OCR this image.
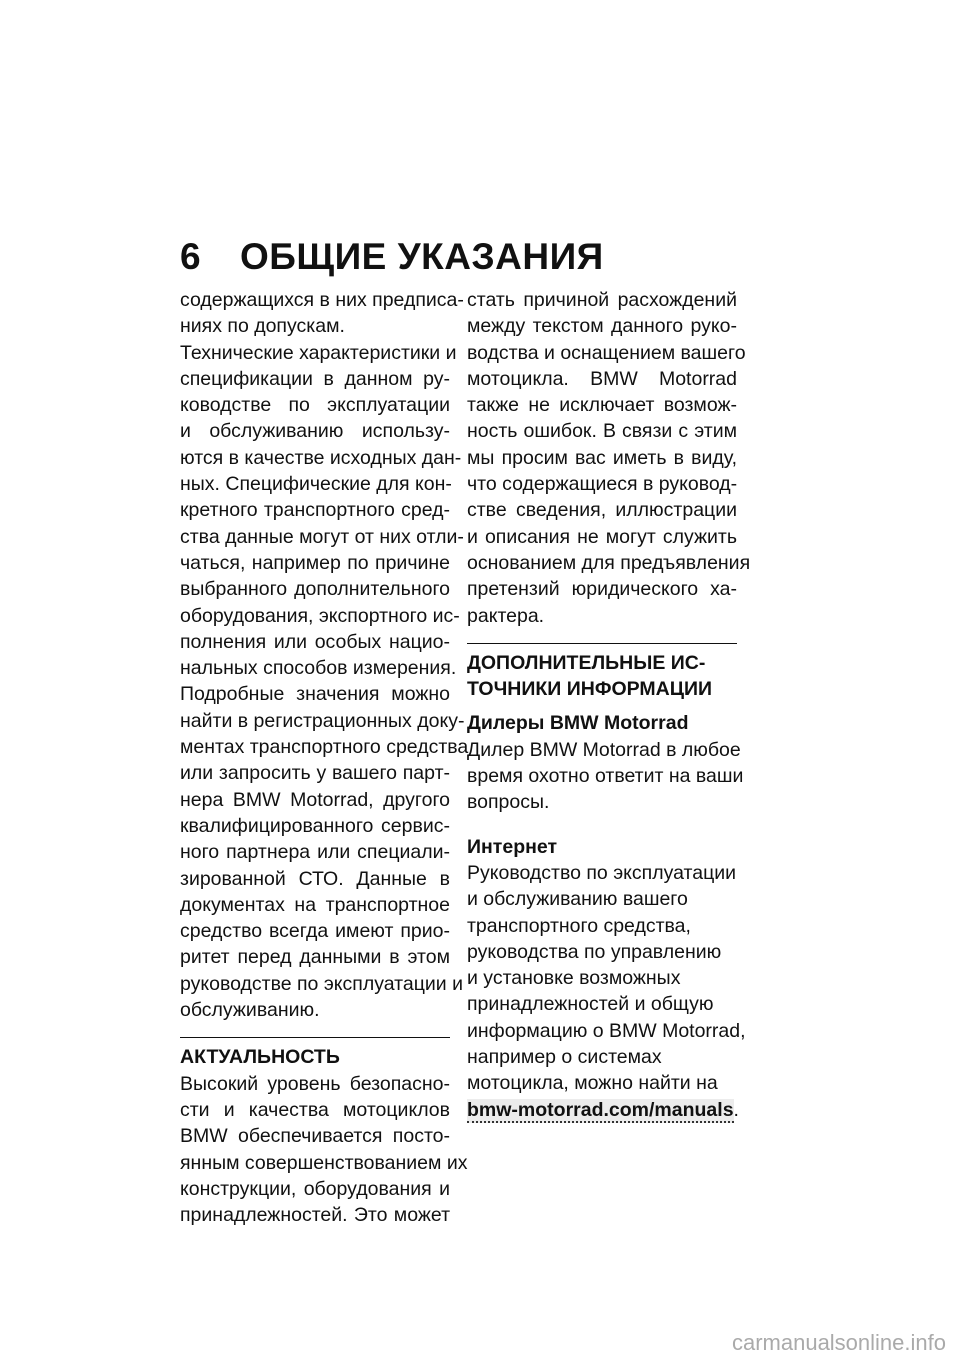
6 ОБЩИЕ УКАЗАНИЯ
содержащихся в них предписа-
ниях по допускам.
Технические характеристики и
спецификации в данном ру-
ководстве по эксплуатации
и обслуживанию использу-
ются в качестве исходных дан-
ных. Специфические для кон-
кретного транспортного сред-
ства данные могут от них отли-
чаться, например по причине
выбранного дополнительного
оборудования, экспортного ис-
полнения или особых нацио-
нальных способов измерения.
Подробные значения можно
найти в регистрационных доку-
ментах транспортного средства
или запросить у вашего парт-
нера BMW Motorrad, другого
квалифицированного сервис-
ного партнера или специали-
зированной СТО. Данные в
документах на транспортное
средство всегда имеют прио-
ритет перед данными в этом
руководстве по эксплуатации и
обслуживанию.
АКТУАЛЬНОСТЬ
Высокий уровень безопасно-
сти и качества мотоциклов
BMW обеспечивается посто-
янным совершенствованием их
конструкции, оборудования и
принадлежностей. Это может
стать причиной расхождений
между текстом данного руко-
водства и оснащением вашего
мотоцикла. BMW Motorrad
также не исключает возмож-
ность ошибок. В связи с этим
мы просим вас иметь в виду,
что содержащиеся в руковод-
стве сведения, иллюстрации
и описания не могут служить
основанием для предъявления
претензий юридического ха-
рактера.
ДОПОЛНИТЕЛЬНЫЕ ИС-
ТОЧНИКИ ИНФОРМАЦИИ
Дилеры BMW Motorrad
Дилер BMW Motorrad в любое
время охотно ответит на ваши
вопросы.
Интернет
Руководство по эксплуатации
и обслуживанию вашего
транспортного средства,
руководства по управлению
и установке возможных
принадлежностей и общую
информацию о BMW Motorrad,
например о системах
мотоцикла, можно найти на
bmw-motorrad.com/manuals.
carmanualsonline.info
